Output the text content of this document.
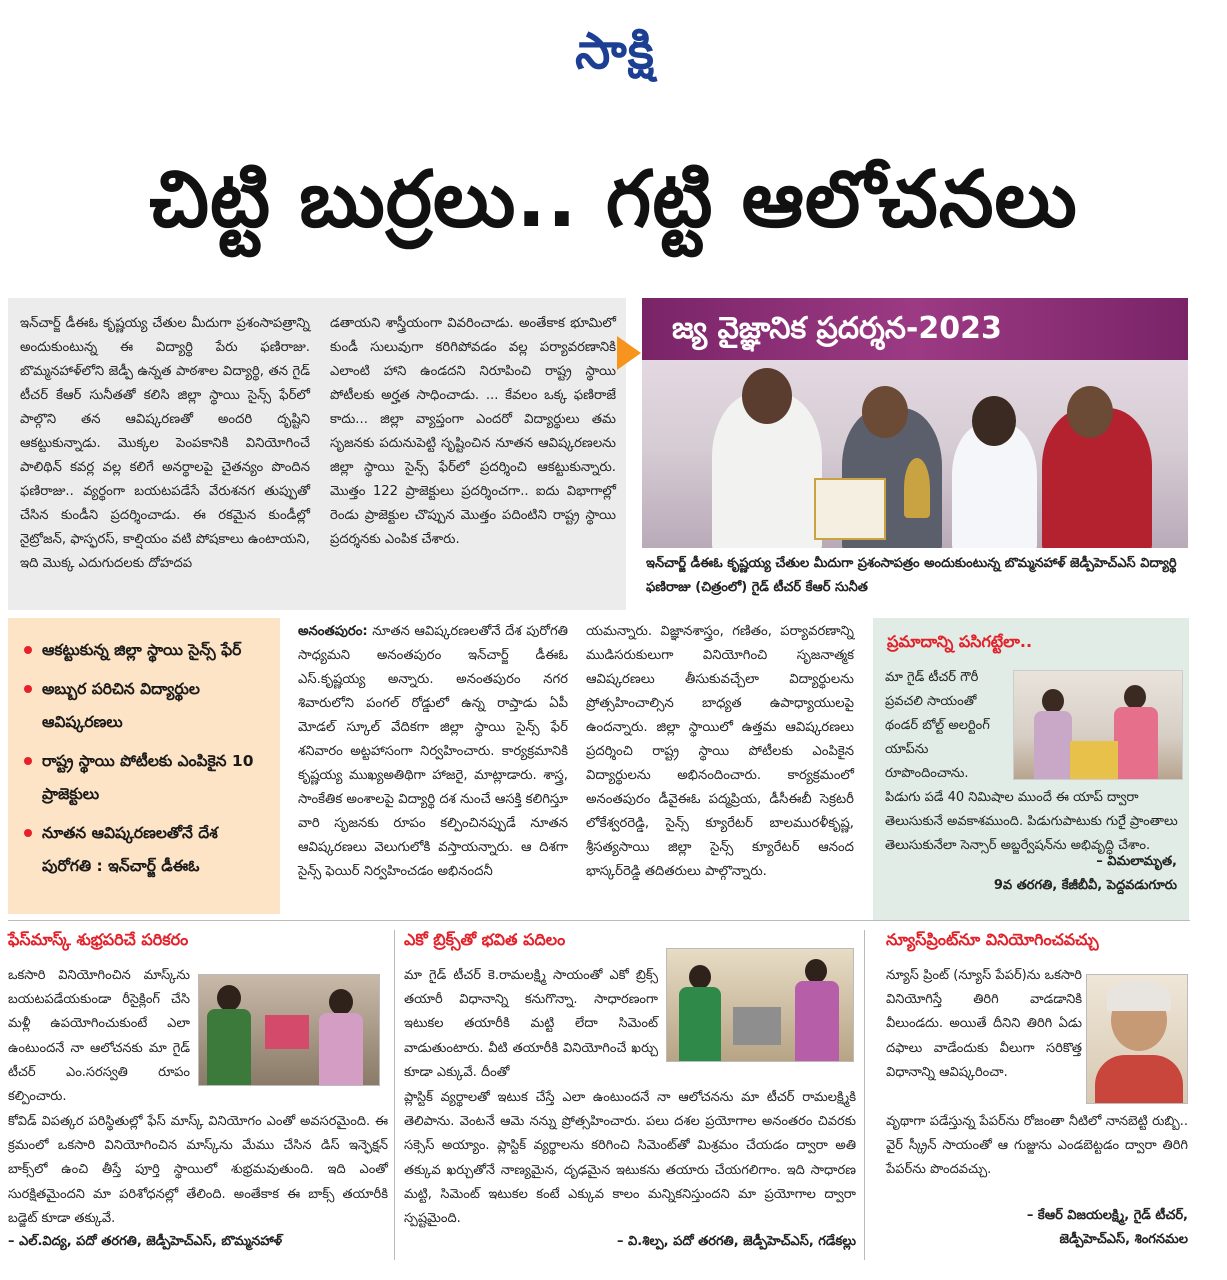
సాక్షి
చిట్టి బుర్రలు.. గట్టి ఆలోచనలు

ఇన్‌చార్జ్ డీఈఓ కృష్ణయ్య చేతుల మీదుగా ప్రశంసాపత్రాన్ని అందుకుంటున్న ఈ విద్యార్థి పేరు ఫణిరాజు. బొమ్మనహాళ్‌లోని జెడ్పీ ఉన్నత పాఠశాల విద్యార్థి, తన గైడ్ టీచర్ కేఆర్ సునీతతో కలిసి జిల్లా స్థాయి సైన్స్ ఫేర్‌లో పాల్గొని తన ఆవిష్కరణతో అందరి దృష్టిని ఆకట్టుకున్నాడు. మొక్కల పెంపకానికి వినియోగించే పాలిథిన్ కవర్ల వల్ల కలిగే అనర్థాలపై చైతన్యం పొందిన ఫణిరాజు.. వ్యర్థంగా బయటపడేసే వేరుశనగ తుప్పుతో చేసిన కుండీని ప్రదర్శించాడు. ఈ రకమైన కుండీల్లో నైట్రోజన్, ఫాస్ఫరస్, కాల్షియం వటి పోషకాలు ఉంటాయని, ఇది మొక్క ఎదుగుదలకు దోహదప

డతాయని శాస్త్రీయంగా వివరించాడు. అంతేకాక భూమిలో కుండీ సులువుగా కరిగిపోవడం వల్ల పర్యావరణానికి ఎలాంటి హాని ఉండదని నిరూపించి రాష్ట్ర స్థాయి పోటీలకు అర్హత సాధించాడు. ... కేవలం ఒక్క ఫణిరాజే కాదు... జిల్లా వ్యాప్తంగా ఎందరో విద్యార్థులు తమ సృజనకు పదునుపెట్టి సృష్టించిన నూతన ఆవిష్కరణలను జిల్లా స్థాయి సైన్స్ ఫేర్‌లో ప్రదర్శించి ఆకట్టుకున్నారు. మొత్తం 122 ప్రాజెక్టులు ప్రదర్శించగా.. ఐదు విభాగాల్లో రెండు ప్రాజెక్టుల చొప్పున మొత్తం పదింటిని రాష్ట్ర స్థాయి ప్రదర్శనకు ఎంపిక చేశారు.

జ్య వైజ్ఞానిక ప్రదర్శన-2023

ఇన్‌చార్జ్ డీఈఓ కృష్ణయ్య చేతుల మీదుగా ప్రశంసాపత్రం అందుకుంటున్న బొమ్మనహాళ్ జెడ్పీహెచ్ఎస్ విద్యార్థి ఫణిరాజు (చిత్రంలో) గైడ్ టీచర్ కేఆర్ సునీత

ఆకట్టుకున్న జిల్లా స్థాయి సైన్స్ ఫేర్
అబ్బుర పరిచిన విద్యార్థుల ఆవిష్కరణలు
రాష్ట్ర స్థాయి పోటీలకు ఎంపికైన 10 ప్రాజెక్టులు
నూతన ఆవిష్కరణలతోనే దేశ పురోగతి : ఇన్‌చార్జ్ డీఈఓ
అనంతపురం: నూతన ఆవిష్కరణలతోనే దేశ పురోగతి సాధ్యమని అనంతపురం ఇన్‌చార్జ్ డీఈఓ ఎస్.కృష్ణయ్య అన్నారు. అనంతపురం నగర శివారులోని పంగల్ రోడ్డులో ఉన్న రాప్తాడు ఏపీ మోడల్ స్కూల్ వేదికగా జిల్లా స్థాయి సైన్స్ ఫేర్ శనివారం అట్టహాసంగా నిర్వహించారు. కార్యక్రమానికి కృష్ణయ్య ముఖ్యఅతిథిగా హాజరై, మాట్లాడారు. శాస్త్ర, సాంకేతిక అంశాలపై విద్యార్థి దశ నుంచే ఆసక్తి కలిగిస్తూ వారి సృజనకు రూపం కల్పించినప్పుడే నూతన ఆవిష్కరణలు వెలుగులోకి వస్తాయన్నారు. ఆ దిశగా సైన్స్ ఫెయిర్ నిర్వహించడం అభినందనీ

యమన్నారు. విజ్ఞానశాస్త్రం, గణితం, పర్యావరణాన్ని ముడిసరుకులుగా వినియోగించి సృజనాత్మక ఆవిష్కరణలు తీసుకువచ్చేలా విద్యార్థులను ప్రోత్సహించాల్సిన బాధ్యత ఉపాధ్యాయులపై ఉందన్నారు. జిల్లా స్థాయిలో ఉత్తమ ఆవిష్కరణలు ప్రదర్శించి రాష్ట్ర స్థాయి పోటీలకు ఎంపికైన విద్యార్థులను అభినందించారు. కార్యక్రమంలో అనంతపురం డీవైఈఓ పద్మప్రియ, డీసీఈబీ సెక్రటరీ లోకేశ్వరరెడ్డి, సైన్స్ క్యూరేటర్ బాలమురళీకృష్ణ, శ్రీసత్యసాయి జిల్లా సైన్స్ క్యూరేటర్ ఆనంద భాస్కర్‌రెడ్డి తదితరులు పాల్గొన్నారు.

ప్రమాదాన్ని పసిగట్టేలా..
మా గైడ్ టీచర్ గౌరీ ప్రవచలి సాయంతో థండర్ బోల్ట్ అలర్టింగ్ యాప్‌ను రూపొందించాను.
పిడుగు పడే 40 నిమిషాల ముందే ఈ యాప్ ద్వారా తెలుసుకునే అవకాశముంది. పిడుగుపాటుకు గురైే ప్రాంతాలు తెలుసుకునేలా సెన్సార్ అబ్జర్వేషన్‌ను అభివృద్ధి చేశాం.
– విమలామృత,
9వ తరగతి, కేజీబీవీ, పెద్దవడుగూరు
ఫేస్‌మాస్క్ శుభ్రపరిచే పరికరం
ఒకసారి వినియోగించిన మాస్క్‌ను బయటపడేయకుండా రీసైక్లింగ్ చేసి మళ్లీ ఉపయోగించుకుంటే ఎలా ఉంటుందనే నా ఆలోచనకు మా గైడ్ టీచర్ ఎం.సరస్వతి రూపం కల్పించారు.
కోవిడ్ విపత్కర పరిస్థితుల్లో ఫేస్ మాస్క్ వినియోగం ఎంతో అవసరమైంది. ఈ క్రమంలో ఒకసారి వినియోగించిన మాస్క్‌ను మేము చేసిన డిస్ ఇన్ఫెక్షన్ బాక్స్‌లో ఉంచి తీస్తే పూర్తి స్థాయిలో శుభ్రమవుతుంది. ఇది ఎంతో సురక్షితమైందని మా పరిశోధనల్లో తేలింది. అంతేకాక ఈ బాక్స్ తయారీకి బడ్జెట్ కూడా తక్కువే.
– ఎల్.విద్య, పదో తరగతి, జెడ్పీహెచ్ఎస్, బొమ్మనహాళ్
ఎకో బ్రిక్స్‌తో భవిత పదిలం
మా గైడ్ టీచర్ కె.రామలక్ష్మి సాయంతో ఎకో బ్రిక్స్ తయారీ విధానాన్ని కనుగొన్నా. సాధారణంగా ఇటుకల తయారీకి మట్టి లేదా సిమెంట్ వాడుతుంటారు. వీటి తయారీకి వినియోగించే ఖర్చు కూడా ఎక్కువే. దీంతో
ప్లాస్టిక్ వ్యర్థాలతో ఇటుక చేస్తే ఎలా ఉంటుందనే నా ఆలోచనను మా టీచర్ రామలక్ష్మికి తెలిపాను. వెంటనే ఆమె నన్ను ప్రోత్సహించారు. పలు దశల ప్రయోగాల అనంతరం చివరకు సక్సెస్ అయ్యాం. ప్లాస్టిక్ వ్యర్థాలను కరిగించి సిమెంట్‌తో మిశ్రమం చేయడం ద్వారా అతి తక్కువ ఖర్చుతోనే నాణ్యమైన, దృఢమైన ఇటుకను తయారు చేయగలిగాం. ఇది సాధారణ మట్టి, సిమెంట్ ఇటుకల కంటే ఎక్కువ కాలం మన్నికనిస్తుందని మా ప్రయోగాల ద్వారా స్పష్టమైంది.
– వి.శిల్ప, పదో తరగతి, జెడ్పీహెచ్ఎస్, గడేకల్లు
న్యూస్‌ప్రింట్‌నూ వినియోగించవచ్చు
న్యూస్ ప్రింట్ (న్యూస్ పేపర్)ను ఒకసారి వినియోగిస్తే తిరిగి వాడడానికి వీలుండదు. అయితే దీనిని తిరిగి ఏడు దఫాలు వాడేందుకు వీలుగా సరికొత్త విధానాన్ని ఆవిష్కరించా.
వృథాగా పడేస్తున్న పేపర్‌ను రోజంతా నీటిలో నానబెట్టి రుబ్బి.. వైర్ స్క్రీన్ సాయంతో ఆ గుజ్జును ఎండబెట్టడం ద్వారా తిరిగి పేపర్‌ను పొందవచ్చు.
– కేఆర్ విజయలక్ష్మి, గైడ్ టీచర్,
జెడ్పీహెచ్ఎస్, శింగనమల
